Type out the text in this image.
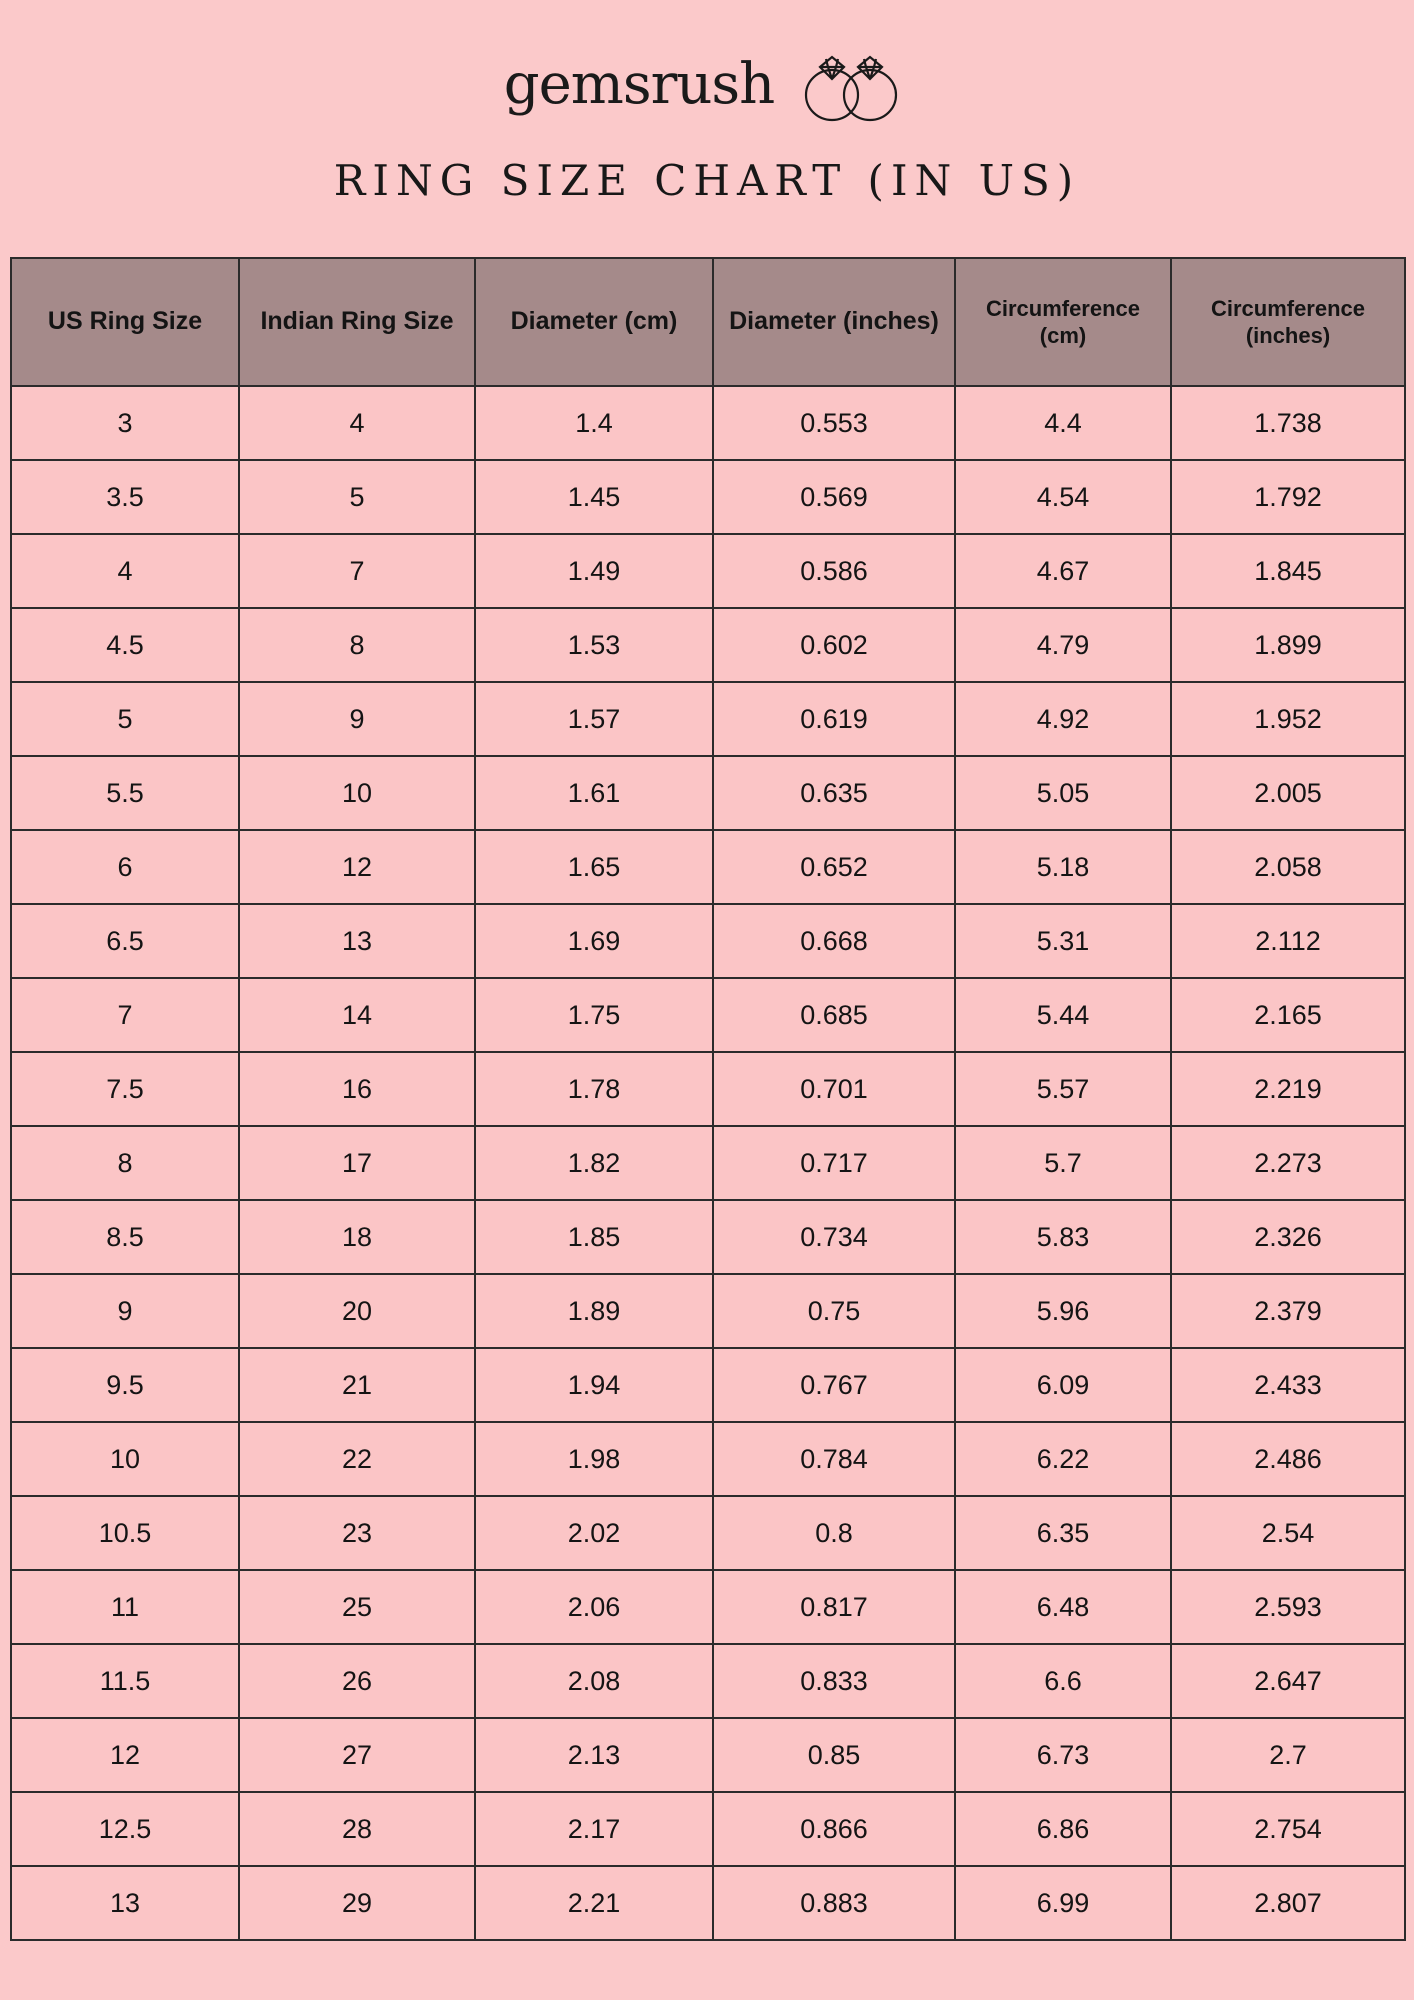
gemsrush
RING SIZE CHART (IN US)
US Ring Size	Indian Ring Size	Diameter (cm)	Diameter (inches)	Circumference (cm)	Circumference (inches)
3	4	1.4	0.553	4.4	1.738
3.5	5	1.45	0.569	4.54	1.792
4	7	1.49	0.586	4.67	1.845
4.5	8	1.53	0.602	4.79	1.899
5	9	1.57	0.619	4.92	1.952
5.5	10	1.61	0.635	5.05	2.005
6	12	1.65	0.652	5.18	2.058
6.5	13	1.69	0.668	5.31	2.112
7	14	1.75	0.685	5.44	2.165
7.5	16	1.78	0.701	5.57	2.219
8	17	1.82	0.717	5.7	2.273
8.5	18	1.85	0.734	5.83	2.326
9	20	1.89	0.75	5.96	2.379
9.5	21	1.94	0.767	6.09	2.433
10	22	1.98	0.784	6.22	2.486
10.5	23	2.02	0.8	6.35	2.54
11	25	2.06	0.817	6.48	2.593
11.5	26	2.08	0.833	6.6	2.647
12	27	2.13	0.85	6.73	2.7
12.5	28	2.17	0.866	6.86	2.754
13	29	2.21	0.883	6.99	2.807
